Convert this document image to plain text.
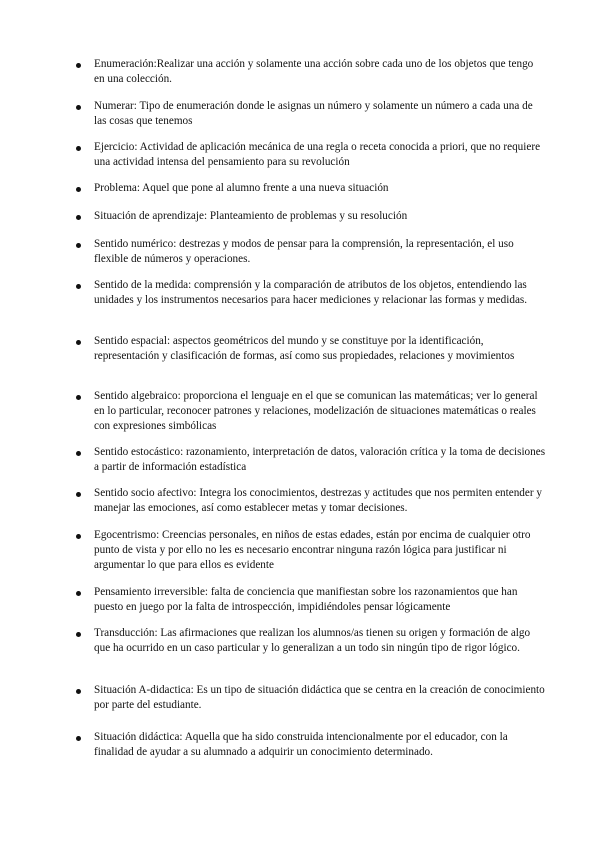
Enumeración:Realizar una acción y solamente una acción sobre cada uno de los objetos que tengo en una colección.

Numerar: Tipo de enumeración donde le asignas un número y solamente un número a cada una de las cosas que tenemos

Ejercicio: Actividad de aplicación mecánica de una regla o receta conocida a priori, que no requiere una actividad intensa del pensamiento para su revolución

Problema: Aquel que pone al alumno frente a una nueva situación

Situación de aprendizaje: Planteamiento de problemas y su resolución

Sentido numérico: destrezas y modos de pensar para la comprensión, la representación, el uso flexible de números y operaciones.

Sentido de la medida: comprensión y la comparación de atributos de los objetos, entendiendo las unidades y los instrumentos necesarios para hacer mediciones y relacionar las formas y medidas.

Sentido espacial: aspectos geométricos del mundo y se constituye por la identificación, representación y clasificación de formas, así como sus propiedades, relaciones y movimientos

Sentido algebraico: proporciona el lenguaje en el que se comunican las matemáticas; ver lo general en lo particular, reconocer patrones y relaciones, modelización de situaciones matemáticas o reales con expresiones simbólicas

Sentido estocástico: razonamiento, interpretación de datos, valoración crítica y la toma de decisiones a partir de información estadística

Sentido socio afectivo: Integra los conocimientos, destrezas y actitudes que nos permiten entender y manejar las emociones, así como establecer metas y tomar decisiones.

Egocentrismo: Creencias personales, en niños de estas edades, están por encima de cualquier otro punto de vista y por ello no les es necesario encontrar ninguna razón lógica para justificar ni argumentar lo que para ellos es evidente

Pensamiento irreversible: falta de conciencia que manifiestan sobre los razonamientos que han puesto en juego por la falta de introspección, impidiéndoles pensar lógicamente

Transducción: Las afirmaciones que realizan los alumnos/as tienen su origen y formación de algo que ha ocurrido en un caso particular y lo generalizan a un todo sin ningún tipo de rigor lógico.

Situación A-didactica: Es un tipo de situación didáctica que se centra en la creación de conocimiento por parte del estudiante.

Situación didáctica: Aquella que ha sido construida intencionalmente por el educador, con la finalidad de ayudar a su alumnado a adquirir un conocimiento determinado.
